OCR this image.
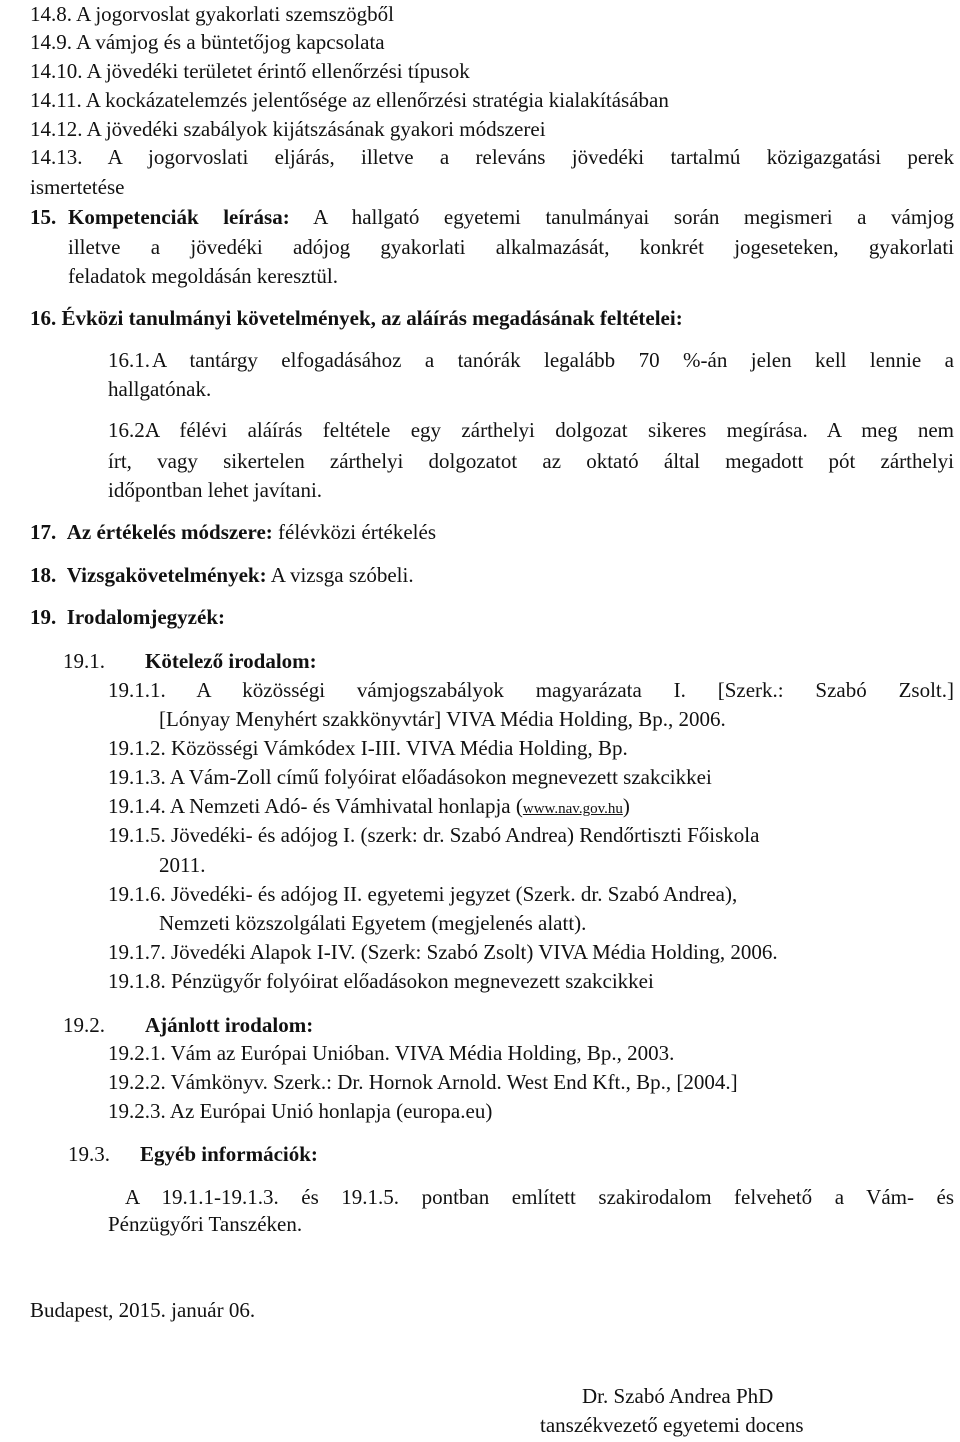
14.8. A jogorvoslat gyakorlati szemszögből
14.9. A vámjog és a büntetőjog kapcsolata
14.10. A jövedéki területet érintő ellenőrzési típusok
14.11. A kockázatelemzés jelentősége az ellenőrzési stratégia kialakításában
14.12. A jövedéki szabályok kijátszásának gyakori módszerei
14.13. A jogorvoslati eljárás, illetve a releváns jövedéki tartalmú közigazgatási perek
ismertetése
15. Kompetenciák leírása: A hallgató egyetemi tanulmányai során megismeri a vámjog
illetve a jövedéki adójog gyakorlati alkalmazását, konkrét jogeseteken, gyakorlati
feladatok megoldásán keresztül.
16. Évközi tanulmányi követelmények, az aláírás megadásának feltételei:
16.1. A tantárgy elfogadásához a tanórák legalább 70 %-án jelen kell lennie a
hallgatónak.
16.2.
A félévi aláírás feltétele egy zárthelyi dolgozat sikeres megírása. A meg nem
írt, vagy sikertelen zárthelyi dolgozatot az oktató által megadott pót zárthelyi
időpontban lehet javítani.
17. Az értékelés módszere: félévközi értékelés
18. Vizsgakövetelmények: A vizsga szóbeli.
19. Irodalomjegyzék:
19.1. Kötelező irodalom:
19.1.1. A közösségi vámjogszabályok magyarázata I. [Szerk.: Szabó Zsolt.]
[Lónyay Menyhért szakkönyvtár] VIVA Média Holding, Bp., 2006.
19.1.2. Közösségi Vámkódex I-III. VIVA Média Holding, Bp.
19.1.3. A Vám-Zoll című folyóirat előadásokon megnevezett szakcikkei
19.1.4. A Nemzeti Adó- és Vámhivatal honlapja (www.nav.gov.hu)
19.1.5. Jövedéki- és adójog I. (szerk: dr. Szabó Andrea) Rendőrtiszti Főiskola
2011.
19.1.6. Jövedéki- és adójog II. egyetemi jegyzet (Szerk. dr. Szabó Andrea),
Nemzeti közszolgálati Egyetem (megjelenés alatt).
19.1.7. Jövedéki Alapok I-IV. (Szerk: Szabó Zsolt) VIVA Média Holding, 2006.
19.1.8. Pénzügyőr folyóirat előadásokon megnevezett szakcikkei
19.2. Ajánlott irodalom:
19.2.1. Vám az Európai Unióban. VIVA Média Holding, Bp., 2003.
19.2.2. Vámkönyv. Szerk.: Dr. Hornok Arnold. West End Kft., Bp., [2004.]
19.2.3. Az Európai Unió honlapja (europa.eu)
19.3. Egyéb információk:
A 19.1.1-19.1.3. és 19.1.5. pontban említett szakirodalom felvehető a Vám- és
Pénzügyőri Tanszéken.
Budapest, 2015. január 06.
Dr. Szabó Andrea PhD
tanszékvezető egyetemi docens
